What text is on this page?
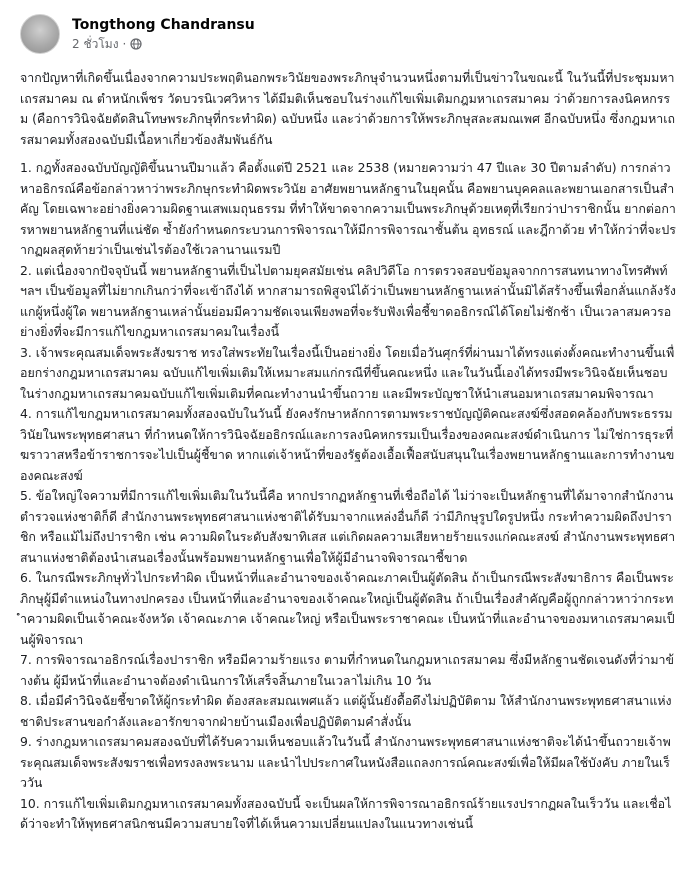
Tongthong Chandransu
2 ชั่วโมง ·

จากปัญหาที่เกิดขึ้นเนื่องจากความประพฤตินอกพระวินัยของพระภิกษุจำนวนหนึ่งตามที่เป็นข่าวในขณะนี้ ในวันนี้ที่ประชุมมหาเถรสมาคม ณ ตำหนักเพ็ชร วัดบวรนิเวศวิหาร ได้มีมติเห็นชอบในร่างแก้ไขเพิ่มเติมกฎมหาเถรสมาคม ว่าด้วยการลงนิคหกรรม (คือการวินิจฉัยตัดสินโทษพระภิกษุที่กระทำผิด) ฉบับหนึ่ง และว่าด้วยการให้พระภิกษุสละสมณเพศ อีกฉบับหนึ่ง ซึ่งกฎมหาเถรสมาคมทั้งสองฉบับมีเนื้อหาเกี่ยวข้องสัมพันธ์กัน

1. กฎทั้งสองฉบับบัญญัติขึ้นนานปีมาแล้ว คือตั้งแต่ปี 2521 และ 2538 (หมายความว่า 47 ปีและ 30 ปีตามลำดับ) การกล่าวหาอธิกรณ์คือข้อกล่าวหาว่าพระภิกษุกระทำผิดพระวินัย อาศัยพยานหลักฐานในยุคนั้น คือพยานบุคคลและพยานเอกสารเป็นสำคัญ โดยเฉพาะอย่างยิ่งความผิดฐานเสพเมถุนธรรม ที่ทำให้ขาดจากความเป็นพระภิกษุด้วยเหตุที่เรียกว่าปาราชิกนั้น ยากต่อการหาพยานหลักฐานที่แน่ชัด ซ้ำยังกำหนดกระบวนการพิจารณาให้มีการพิจารณาชั้นต้น อุทธรณ์ และฎีกาด้วย ทำให้กว่าที่จะปรากฏผลสุดท้ายว่าเป็นเช่นไรต้องใช้เวลานานแรมปี

2. แต่เนื่องจากปัจจุบันนี้ พยานหลักฐานที่เป็นไปตามยุคสมัยเช่น คลิปวิดีโอ การตรวจสอบข้อมูลจากการสนทนาทางโทรศัพท์ ฯลฯ เป็นข้อมูลที่ไม่ยากเกินกว่าที่จะเข้าถึงได้ หากสามารถพิสูจน์ได้ว่าเป็นพยานหลักฐานเหล่านั้นมิได้สร้างขึ้นเพื่อกลั่นแกล้งรังแกผู้หนึ่งผู้ใด พยานหลักฐานเหล่านั้นย่อมมีความชัดเจนเพียงพอที่จะรับฟังเพื่อชี้ขาดอธิกรณ์ได้โดยไม่ชักช้า เป็นเวลาสมควรอย่างยิ่งที่จะมีการแก้ไขกฎมหาเถรสมาคมในเรื่องนี้

3. เจ้าพระคุณสมเด็จพระสังฆราช ทรงใส่พระทัยในเรื่องนี้เป็นอย่างยิ่ง โดยเมื่อวันศุกร์ที่ผ่านมาได้ทรงแต่งตั้งคณะทำงานขึ้นเพื่อยกร่างกฎมหาเถรสมาคม ฉบับแก้ไขเพิ่มเติมให้เหมาะสมแก่กรณีที่ขึ้นคณะหนึ่ง และในวันนี้เองได้ทรงมีพระวินิจฉัยเห็นชอบ ในร่างกฎมหาเถรสมาคมฉบับแก้ไขเพิ่มเติมที่คณะทำงานนำขึ้นถวาย และมีพระบัญชาให้นำเสนอมหาเถรสมาคมพิจารณา

4. การแก้ไขกฎมหาเถรสมาคมทั้งสองฉบับในวันนี้ ยังคงรักษาหลักการตามพระราชบัญญัติคณะสงฆ์ซึ่งสอดคล้องกับพระธรรมวินัยในพระพุทธศาสนา ที่กำหนดให้การวินิจฉัยอธิกรณ์และการลงนิคหกรรมเป็นเรื่องของคณะสงฆ์ดำเนินการ ไม่ใช่การธุระที่ฆราวาสหรือข้าราชการจะไปเป็นผู้ชี้ขาด หากแต่เจ้าหน้าที่ของรัฐต้องเอื้อเฟื้อสนับสนุนในเรื่องพยานหลักฐานและการทำงานของคณะสงฆ์

5. ข้อใหญ่ใจความที่มีการแก้ไขเพิ่มเติมในวันนี้คือ หากปรากฏหลักฐานที่เชื่อถือได้ ไม่ว่าจะเป็นหลักฐานที่ได้มาจากสำนักงานตำรวจแห่งชาติก็ดี สำนักงานพระพุทธศาสนาแห่งชาติได้รับมาจากแหล่งอื่นก็ดี ว่ามีภิกษุรูปใดรูปหนึ่ง กระทำความผิดถึงปาราชิก หรือแม้ไม่ถึงปาราชิก เช่น ความผิดในระดับสังฆาทิเสส แต่เกิดผลความเสียหายร้ายแรงแก่คณะสงฆ์ สำนักงานพระพุทธศาสนาแห่งชาติต้องนำเสนอเรื่องนั้นพร้อมพยานหลักฐานเพื่อให้ผู้มีอำนาจพิจารณาชี้ขาด

6. ในกรณีพระภิกษุทั่วไปกระทำผิด เป็นหน้าที่และอำนาจของเจ้าคณะภาคเป็นผู้ตัดสิน ถ้าเป็นกรณีพระสังฆาธิการ คือเป็นพระภิกษุผู้มีตำแหน่งในทางปกครอง เป็นหน้าที่และอำนาจของเจ้าคณะใหญ่เป็นผู้ตัดสิน ถ้าเป็นเรื่องสำคัญคือผู้ถูกกล่าวหาว่ากระทำความผิดเป็นเจ้าคณะจังหวัด เจ้าคณะภาค เจ้าคณะใหญ่ หรือเป็นพระราชาคณะ เป็นหน้าที่และอำนาจของมหาเถรสมาคมเป็นผู้พิจารณา

7. การพิจารณาอธิกรณ์เรื่องปาราชิก หรือมีความร้ายแรง ตามที่กำหนดในกฎมหาเถรสมาคม ซึ่งมีหลักฐานชัดเจนดังที่ว่ามาข้างต้น ผู้มีหน้าที่และอำนาจต้องดำเนินการให้เสร็จสิ้นภายในเวลาไม่เกิน 10 วัน

8. เมื่อมีคำวินิจฉัยชี้ขาดให้ผู้กระทำผิด ต้องสละสมณเพศแล้ว แต่ผู้นั้นยังดื้อดึงไม่ปฏิบัติตาม ให้สำนักงานพระพุทธศาสนาแห่งชาติประสานขอกำลังและอารักขาจากฝ่ายบ้านเมืองเพื่อปฏิบัติตามคำสั่งนั้น

9. ร่างกฎมหาเถรสมาคมสองฉบับที่ได้รับความเห็นชอบแล้วในวันนี้ สำนักงานพระพุทธศาสนาแห่งชาติจะได้นำขึ้นถวายเจ้าพระคุณสมเด็จพระสังฆราชเพื่อทรงลงพระนาม และนำไปประกาศในหนังสือแถลงการณ์คณะสงฆ์เพื่อให้มีผลใช้บังคับ ภายในเร็ววัน

10. การแก้ไขเพิ่มเติมกฎมหาเถรสมาคมทั้งสองฉบับนี้ จะเป็นผลให้การพิจารณาอธิกรณ์ร้ายแรงปรากฏผลในเร็ววัน และเชื่อได้ว่าจะทำให้พุทธศาสนิกชนมีความสบายใจที่ได้เห็นความเปลี่ยนแปลงในแนวทางเช่นนี้
